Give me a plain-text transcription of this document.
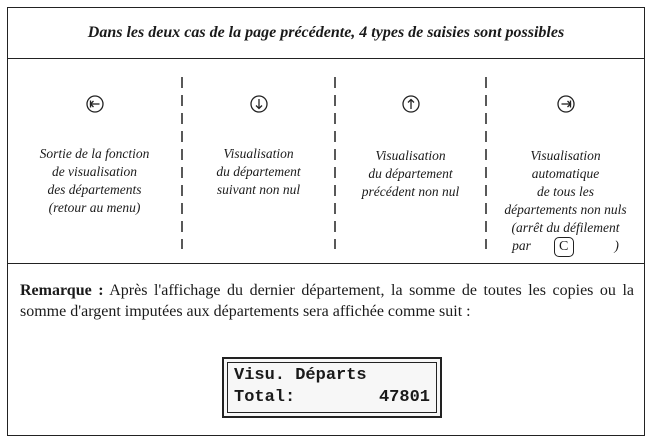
Dans les deux cas de la page précédente, 4 types de saisies sont possibles
Sortie de la fonction
de visualisation
des départements
(retour au menu)
Visualisation
du département
suivant non nul
Visualisation
du département
précédent non nul
Visualisation
automatique
de tous les
départements non nuls
(arrêt du défilement
par C	)
Remarque : Après l'affichage du dernier département, la somme de toutes les copies ou la somme d'argent imputées aux départements sera affichée comme suit :
Visu. Départs
Total:	47801
